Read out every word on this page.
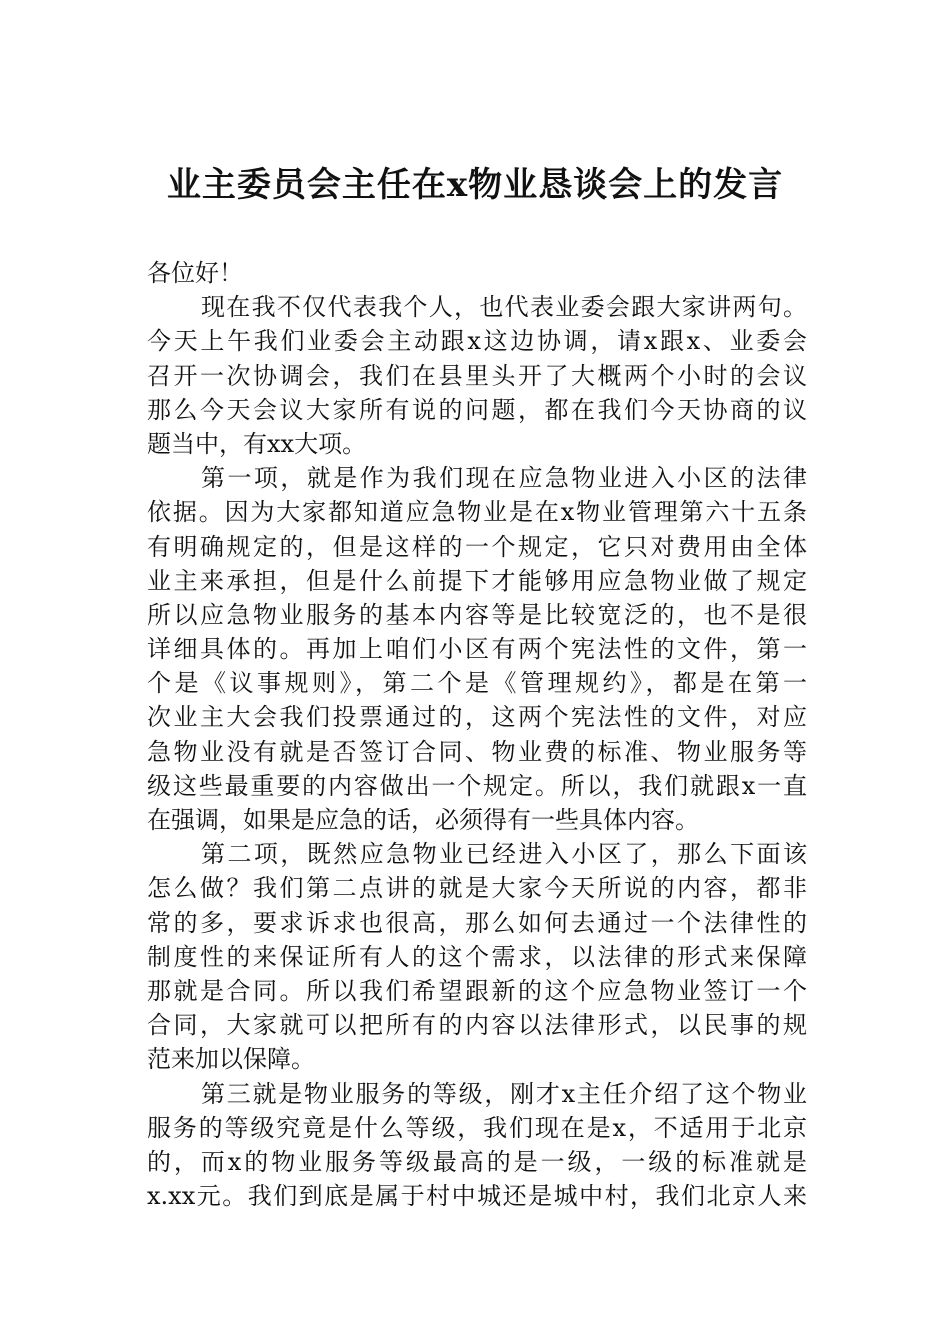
业主委员会主任在x物业恳谈会上的发言
各位好！
现在我不仅代表我个人，也代表业委会跟大家讲两句。
今天上午我们业委会主动跟x这边协调，请x跟x、业委会
召开一次协调会，我们在县里头开了大概两个小时的会议
那么今天会议大家所有说的问题，都在我们今天协商的议
题当中，有xx大项。
第一项，就是作为我们现在应急物业进入小区的法律
依据。因为大家都知道应急物业是在x物业管理第六十五条
有明确规定的，但是这样的一个规定，它只对费用由全体
业主来承担，但是什么前提下才能够用应急物业做了规定
所以应急物业服务的基本内容等是比较宽泛的，也不是很
详细具体的。再加上咱们小区有两个宪法性的文件，第一
个是《议事规则》，第二个是《管理规约》，都是在第一
次业主大会我们投票通过的，这两个宪法性的文件，对应
急物业没有就是否签订合同、物业费的标准、物业服务等
级这些最重要的内容做出一个规定。所以，我们就跟x一直
在强调，如果是应急的话，必须得有一些具体内容。
第二项，既然应急物业已经进入小区了，那么下面该
怎么做？我们第二点讲的就是大家今天所说的内容，都非
常的多，要求诉求也很高，那么如何去通过一个法律性的
制度性的来保证所有人的这个需求，以法律的形式来保障
那就是合同。所以我们希望跟新的这个应急物业签订一个
合同，大家就可以把所有的内容以法律形式，以民事的规
范来加以保障。
第三就是物业服务的等级，刚才x主任介绍了这个物业
服务的等级究竟是什么等级，我们现在是x，不适用于北京
的，而x的物业服务等级最高的是一级，一级的标准就是
x.xx元。我们到底是属于村中城还是城中村，我们北京人来
